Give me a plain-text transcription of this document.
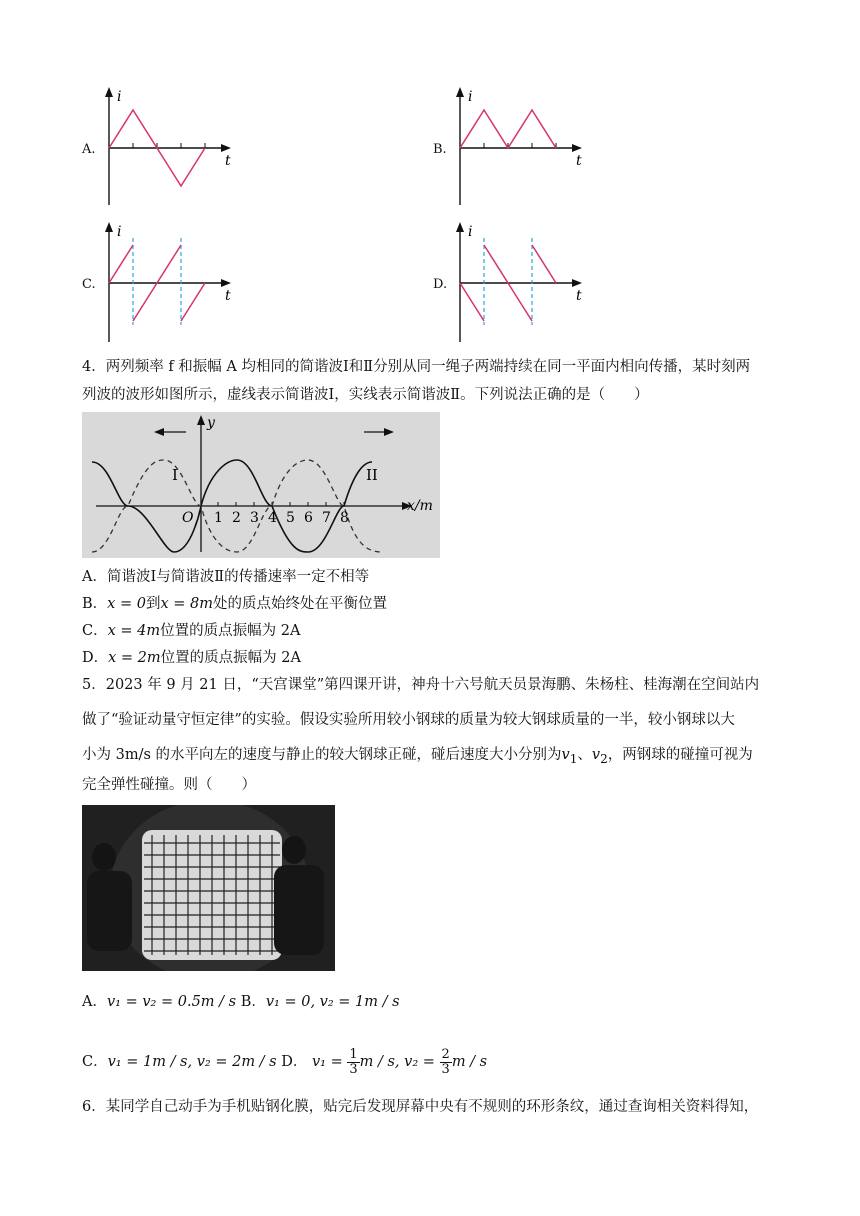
A.
i
t
B.
i
t
C.
i
t
D.
i
t
4．两列频率 f 和振幅 A 均相同的简谐波Ⅰ和Ⅱ分别从同一绳子两端持续在同一平面内相向传播，某时刻两
列波的波形如图所示，虚线表示简谐波Ⅰ，实线表示简谐波Ⅱ。下列说法正确的是（　　）
y
x/m
O
I	II
1 2 3 4 5 6 7 8
A．简谐波Ⅰ与简谐波Ⅱ的传播速率一定不相等
B．x = 0到x = 8m处的质点始终处在平衡位置
C．x = 4m位置的质点振幅为 2A
D．x = 2m位置的质点振幅为 2A
5．2023 年 9 月 21 日，“天宫课堂”第四课开讲，神舟十六号航天员景海鹏、朱杨柱、桂海潮在空间站内
做了“验证动量守恒定律”的实验。假设实验所用较小钢球的质量为较大钢球质量的一半，较小钢球以大
小为 3m/s 的水平向左的速度与静止的较大钢球正碰，碰后速度大小分别为$v_1$、$v_2$，两钢球的碰撞可视为
完全弹性碰撞。则（　　）
A．v₁ = v₂ = 0.5m / s B．v₁ = 0, v₂ = 1m / s
C．v₁ = 1m / s, v₂ = 2m / s D． $v_1 = \frac{1}{3}$ m / s, $v_2 = \frac{2}{3}$ m / s
6．某同学自己动手为手机贴钢化膜，贴完后发现屏幕中央有不规则的环形条纹，通过查询相关资料得知，
